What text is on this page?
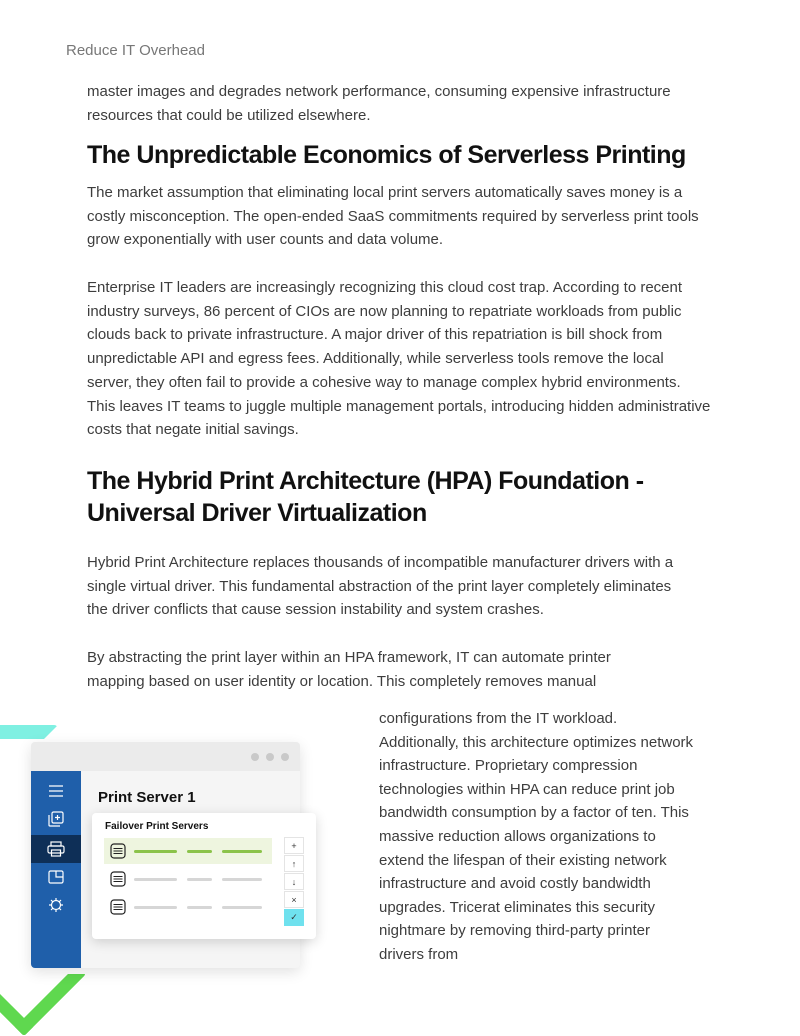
Reduce IT Overhead

master images and degrades network performance, consuming expensive infrastructure resources that could be utilized elsewhere.

The Unpredictable Economics of Serverless Printing

The market assumption that eliminating local print servers automatically saves money is a costly misconception. The open-ended SaaS commitments required by serverless print tools grow exponentially with user counts and data volume.

Enterprise IT leaders are increasingly recognizing this cloud cost trap. According to recent industry surveys, 86 percent of CIOs are now planning to repatriate workloads from public clouds back to private infrastructure. A major driver of this repatriation is bill shock from unpredictable API and egress fees. Additionally, while serverless tools remove the local server, they often fail to provide a cohesive way to manage complex hybrid environments. This leaves IT teams to juggle multiple management portals, introducing hidden administrative costs that negate initial savings.

The Hybrid Print Architecture (HPA) Foundation - Universal Driver Virtualization

Hybrid Print Architecture replaces thousands of incompatible manufacturer drivers with a single virtual driver. This fundamental abstraction of the print layer completely eliminates the driver conflicts that cause session instability and system crashes.

By abstracting the print layer within an HPA framework, IT can automate printer mapping based on user identity or location. This completely removes manual

configurations from the IT workload. Additionally, this architecture optimizes network infrastructure. Proprietary compression technologies within HPA can reduce print job bandwidth consumption by a factor of ten. This massive reduction allows organizations to extend the lifespan of their existing network infrastructure and avoid costly bandwidth upgrades. Tricerat eliminates this security nightmare by removing third-party printer drivers from

Print Server 1
Failover Print Servers
+
↑
↓
×
✓
